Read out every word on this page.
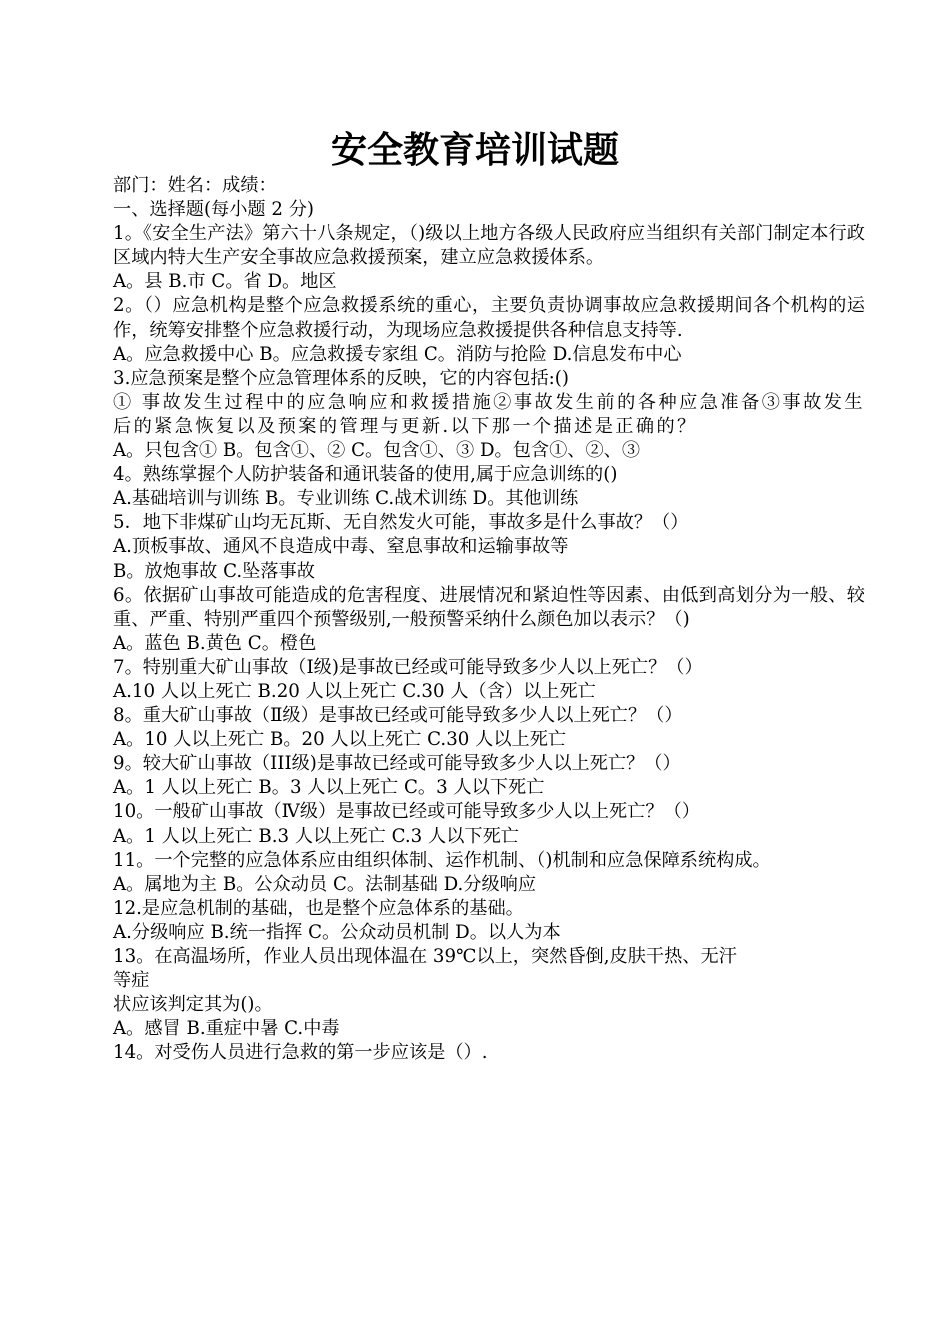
安全教育培训试题

部门：姓名：成绩：

一、选择题(每小题 2 分)

1。《安全生产法》第六十八条规定，（)级以上地方各级人民政府应当组织有关部门制定本行政区域内特大生产安全事故应急救援预案，建立应急救援体系。

A。县 B.市 C。省 D。地区

2。（）应急机构是整个应急救援系统的重心，主要负责协调事故应急救援期间各个机构的运作，统筹安排整个应急救援行动，为现场应急救援提供各种信息支持等.

A。应急救援中心 B。应急救援专家组 C。消防与抢险 D.信息发布中心

3.应急预案是整个应急管理体系的反映，它的内容包括:()

① 事故发生过程中的应急响应和救援措施②事故发生前的各种应急准备③事故发生后的紧急恢复以及预案的管理与更新.以下那一个描述是正确的？

A。只包含① B。包含①、② C。包含①、③ D。包含①、②、③

4。熟练掌握个人防护装备和通讯装备的使用,属于应急训练的()

A.基础培训与训练 B。专业训练 C.战术训练 D。其他训练

5．地下非煤矿山均无瓦斯、无自然发火可能，事故多是什么事故？（）

A.顶板事故、通风不良造成中毒、窒息事故和运输事故等

B。放炮事故 C.坠落事故

6。依据矿山事故可能造成的危害程度、进展情况和紧迫性等因素、由低到高划分为一般、较重、严重、特别严重四个预警级别,一般预警采纳什么颜色加以表示？（)

A。蓝色 B.黄色 C。橙色

7。特别重大矿山事故（Ⅰ级)是事故已经或可能导致多少人以上死亡？（）

A.10 人以上死亡 B.20 人以上死亡 C.30 人（含）以上死亡

8。重大矿山事故（Ⅱ级）是事故已经或可能导致多少人以上死亡？（）

A。10 人以上死亡 B。20 人以上死亡 C.30 人以上死亡

9。较大矿山事故（III级)是事故已经或可能导致多少人以上死亡？（）

A。1 人以上死亡 B。3 人以上死亡 C。3 人以下死亡

10。一般矿山事故（Ⅳ级）是事故已经或可能导致多少人以上死亡？（）

A。1 人以上死亡 B.3 人以上死亡 C.3 人以下死亡

11。一个完整的应急体系应由组织体制、运作机制、（)机制和应急保障系统构成。

A。属地为主 B。公众动员 C。法制基础 D.分级响应

12.是应急机制的基础，也是整个应急体系的基础。

A.分级响应 B.统一指挥 C。公众动员机制 D。以人为本

13。在高温场所，作业人员出现体温在 39℃以上，突然昏倒,皮肤干热、无汗

等症

状应该判定其为()。

A。感冒 B.重症中暑 C.中毒

14。对受伤人员进行急救的第一步应该是（）.
